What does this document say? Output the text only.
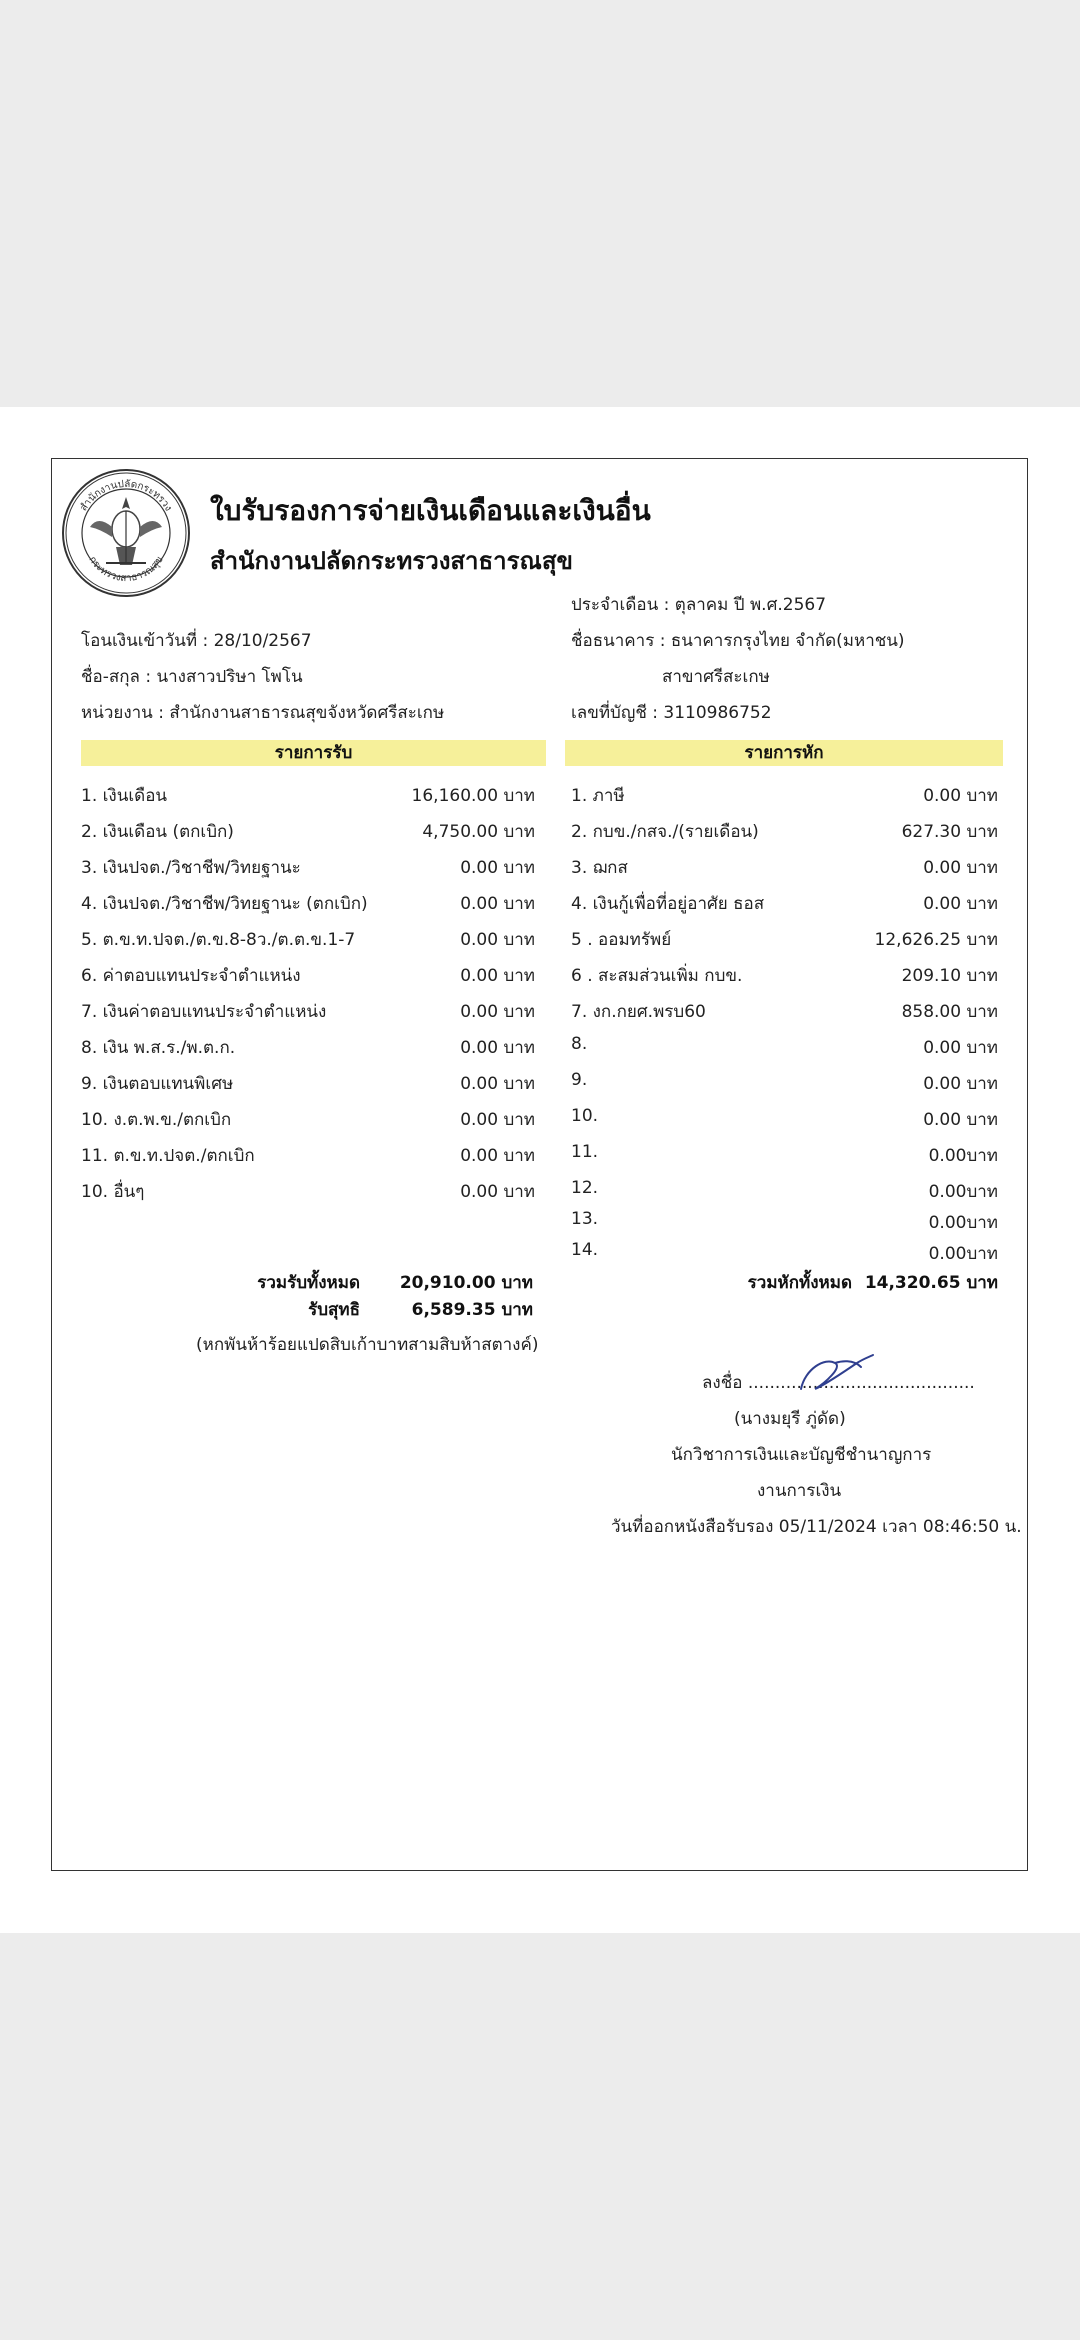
สำนักงานปลัดกระทรวง
กระทรวงสาธารณสุข
ใบรับรองการจ่ายเงินเดือนและเงินอื่น
สำนักงานปลัดกระทรวงสาธารณสุข
ประจำเดือน : ตุลาคม ปี พ.ศ.2567
โอนเงินเข้าวันที่ : 28/10/2567	ชื่อธนาคาร : ธนาคารกรุงไทย จำกัด(มหาชน)
ชื่อ-สกุล : นางสาวปริษา โพโน	สาขาศรีสะเกษ
หน่วยงาน : สำนักงานสาธารณสุขจังหวัดศรีสะเกษ	เลขที่บัญชี : 3110986752
รายการรับ	รายการหัก
1. เงินเดือน	16,160.00 บาท
2. เงินเดือน (ตกเบิก)	4,750.00 บาท
3. เงินปจต./วิชาชีพ/วิทยฐานะ	0.00 บาท
4. เงินปจต./วิชาชีพ/วิทยฐานะ (ตกเบิก)	0.00 บาท
5. ต.ข.ท.ปจต./ต.ข.8-8ว./ต.ต.ข.1-7	0.00 บาท
6. ค่าตอบแทนประจำตำแหน่ง	0.00 บาท
7. เงินค่าตอบแทนประจำตำแหน่ง	0.00 บาท
8. เงิน พ.ส.ร./พ.ต.ก.	0.00 บาท
9. เงินตอบแทนพิเศษ	0.00 บาท
10. ง.ต.พ.ข./ตกเบิก	0.00 บาท
11. ต.ข.ท.ปจต./ตกเบิก	0.00 บาท
10. อื่นๆ	0.00 บาท
1. ภาษี	0.00 บาท
2. กบข./กสจ./(รายเดือน)	627.30 บาท
3. ฌกส	0.00 บาท
4. เงินกู้เพื่อที่อยู่อาศัย ธอส	0.00 บาท
5 . ออมทรัพย์	12,626.25 บาท
6 . สะสมส่วนเพิ่ม กบข.	209.10 บาท
7. งก.กยศ.พรบ60	858.00 บาท
8.	0.00 บาท
9.	0.00 บาท
10.	0.00 บาท
11.	0.00บาท
12.	0.00บาท
13.	0.00บาท
14.	0.00บาท
รวมรับทั้งหมด	20,910.00 บาท
รับสุทธิ	6,589.35 บาท
(หกพันห้าร้อยแปดสิบเก้าบาทสามสิบห้าสตางค์)
รวมหักทั้งหมด 14,320.65 บาท
ลงชื่อ ..........................................
(นางมยุรี ภู่ดัด)
นักวิชาการเงินและบัญชีชำนาญการ
งานการเงิน
วันที่ออกหนังสือรับรอง 05/11/2024 เวลา 08:46:50 น.
